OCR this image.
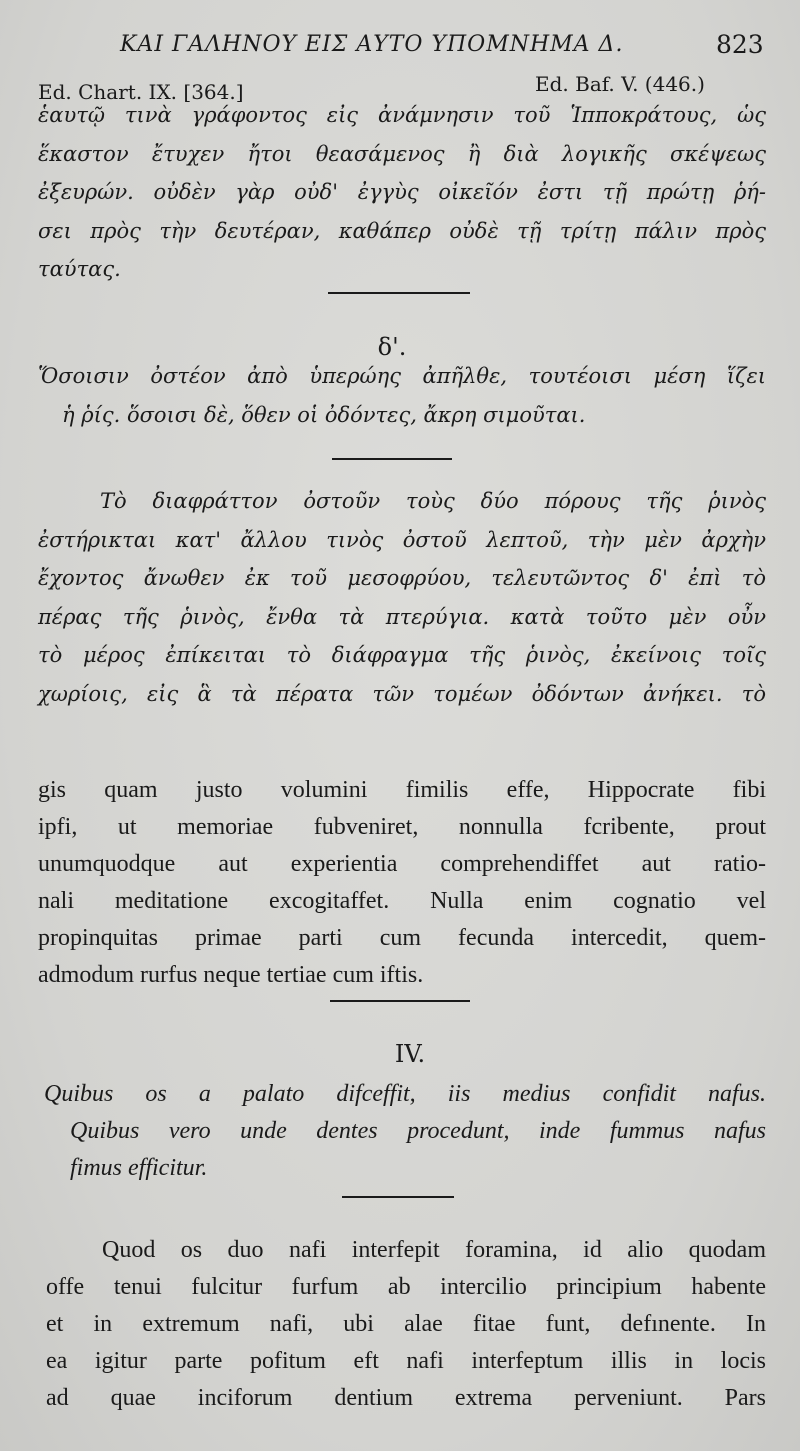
ΚΑΙ ΓΑΛΗΝΟΥ ΕΙΣ ΑΥΤΟ ΥΠΟΜΝΗΜΑ Δ.	823
Ed. Chart. IX. [364.]	Ed. Baf. V. (446.)
ἑαυτῷ τινὰ γράφοντος εἰς ἀνάμνησιν τοῦ Ἱπποκράτους, ὡς
ἕκαστον ἔτυχεν ἤτοι θεασάμενος ἢ διὰ λογικῆς σκέψεως
ἐξευρών. οὐδὲν γὰρ οὐδ' ἐγγὺς οἰκεῖόν ἐστι τῇ πρώτῃ ῥή-
σει πρὸς τὴν δευτέραν, καθάπερ οὐδὲ τῇ τρίτῃ πάλιν πρὸς
ταύτας.
δ'.
Ὅσοισιν ὀστέον ἀπὸ ὑπερώης ἀπῆλθε, τουτέοισι μέση ἵζει
ἡ ῥίς. ὅσοισι δὲ, ὅθεν οἱ ὀδόντες, ἄκρη σιμοῦται.
Τὸ διαφράττον ὀστοῦν τοὺς δύο πόρους τῆς ῥινὸς
ἐστήρικται κατ' ἄλλου τινὸς ὀστοῦ λεπτοῦ, τὴν μὲν ἀρχὴν
ἔχοντος ἄνωθεν ἐκ τοῦ μεσοφρύου, τελευτῶντος δ' ἐπὶ τὸ
πέρας τῆς ῥινὸς, ἔνθα τὰ πτερύγια. κατὰ τοῦτο μὲν οὖν
τὸ μέρος ἐπίκειται τὸ διάφραγμα τῆς ῥινὸς, ἐκείνοις τοῖς
χωρίοις, εἰς ἃ τὰ πέρατα τῶν τομέων ὀδόντων ἀνήκει. τὸ
gis quam justo volumini fimilis effe, Hippocrate fibi
ipfi, ut memoriae fubveniret, nonnulla fcribente, prout
unumquodque aut experientia comprehendiffet aut ratio-
nali meditatione excogitaffet. Nulla enim cognatio vel
propinquitas primae parti cum fecunda intercedit, quem-
admodum rurfus neque tertiae cum iftis.
IV.
Quibus os a palato difceffit, iis medius confidit nafus.
Quibus vero unde dentes procedunt, inde fummus nafus
fimus efficitur.
Quod os duo nafi interfepit foramina, id alio quodam
offe tenui fulcitur furfum ab intercilio principium habente
et in extremum nafi, ubi alae fitae funt, defınente. In
ea igitur parte pofitum eft nafi interfeptum illis in locis
ad quae inciforum dentium extrema perveniunt. Pars
